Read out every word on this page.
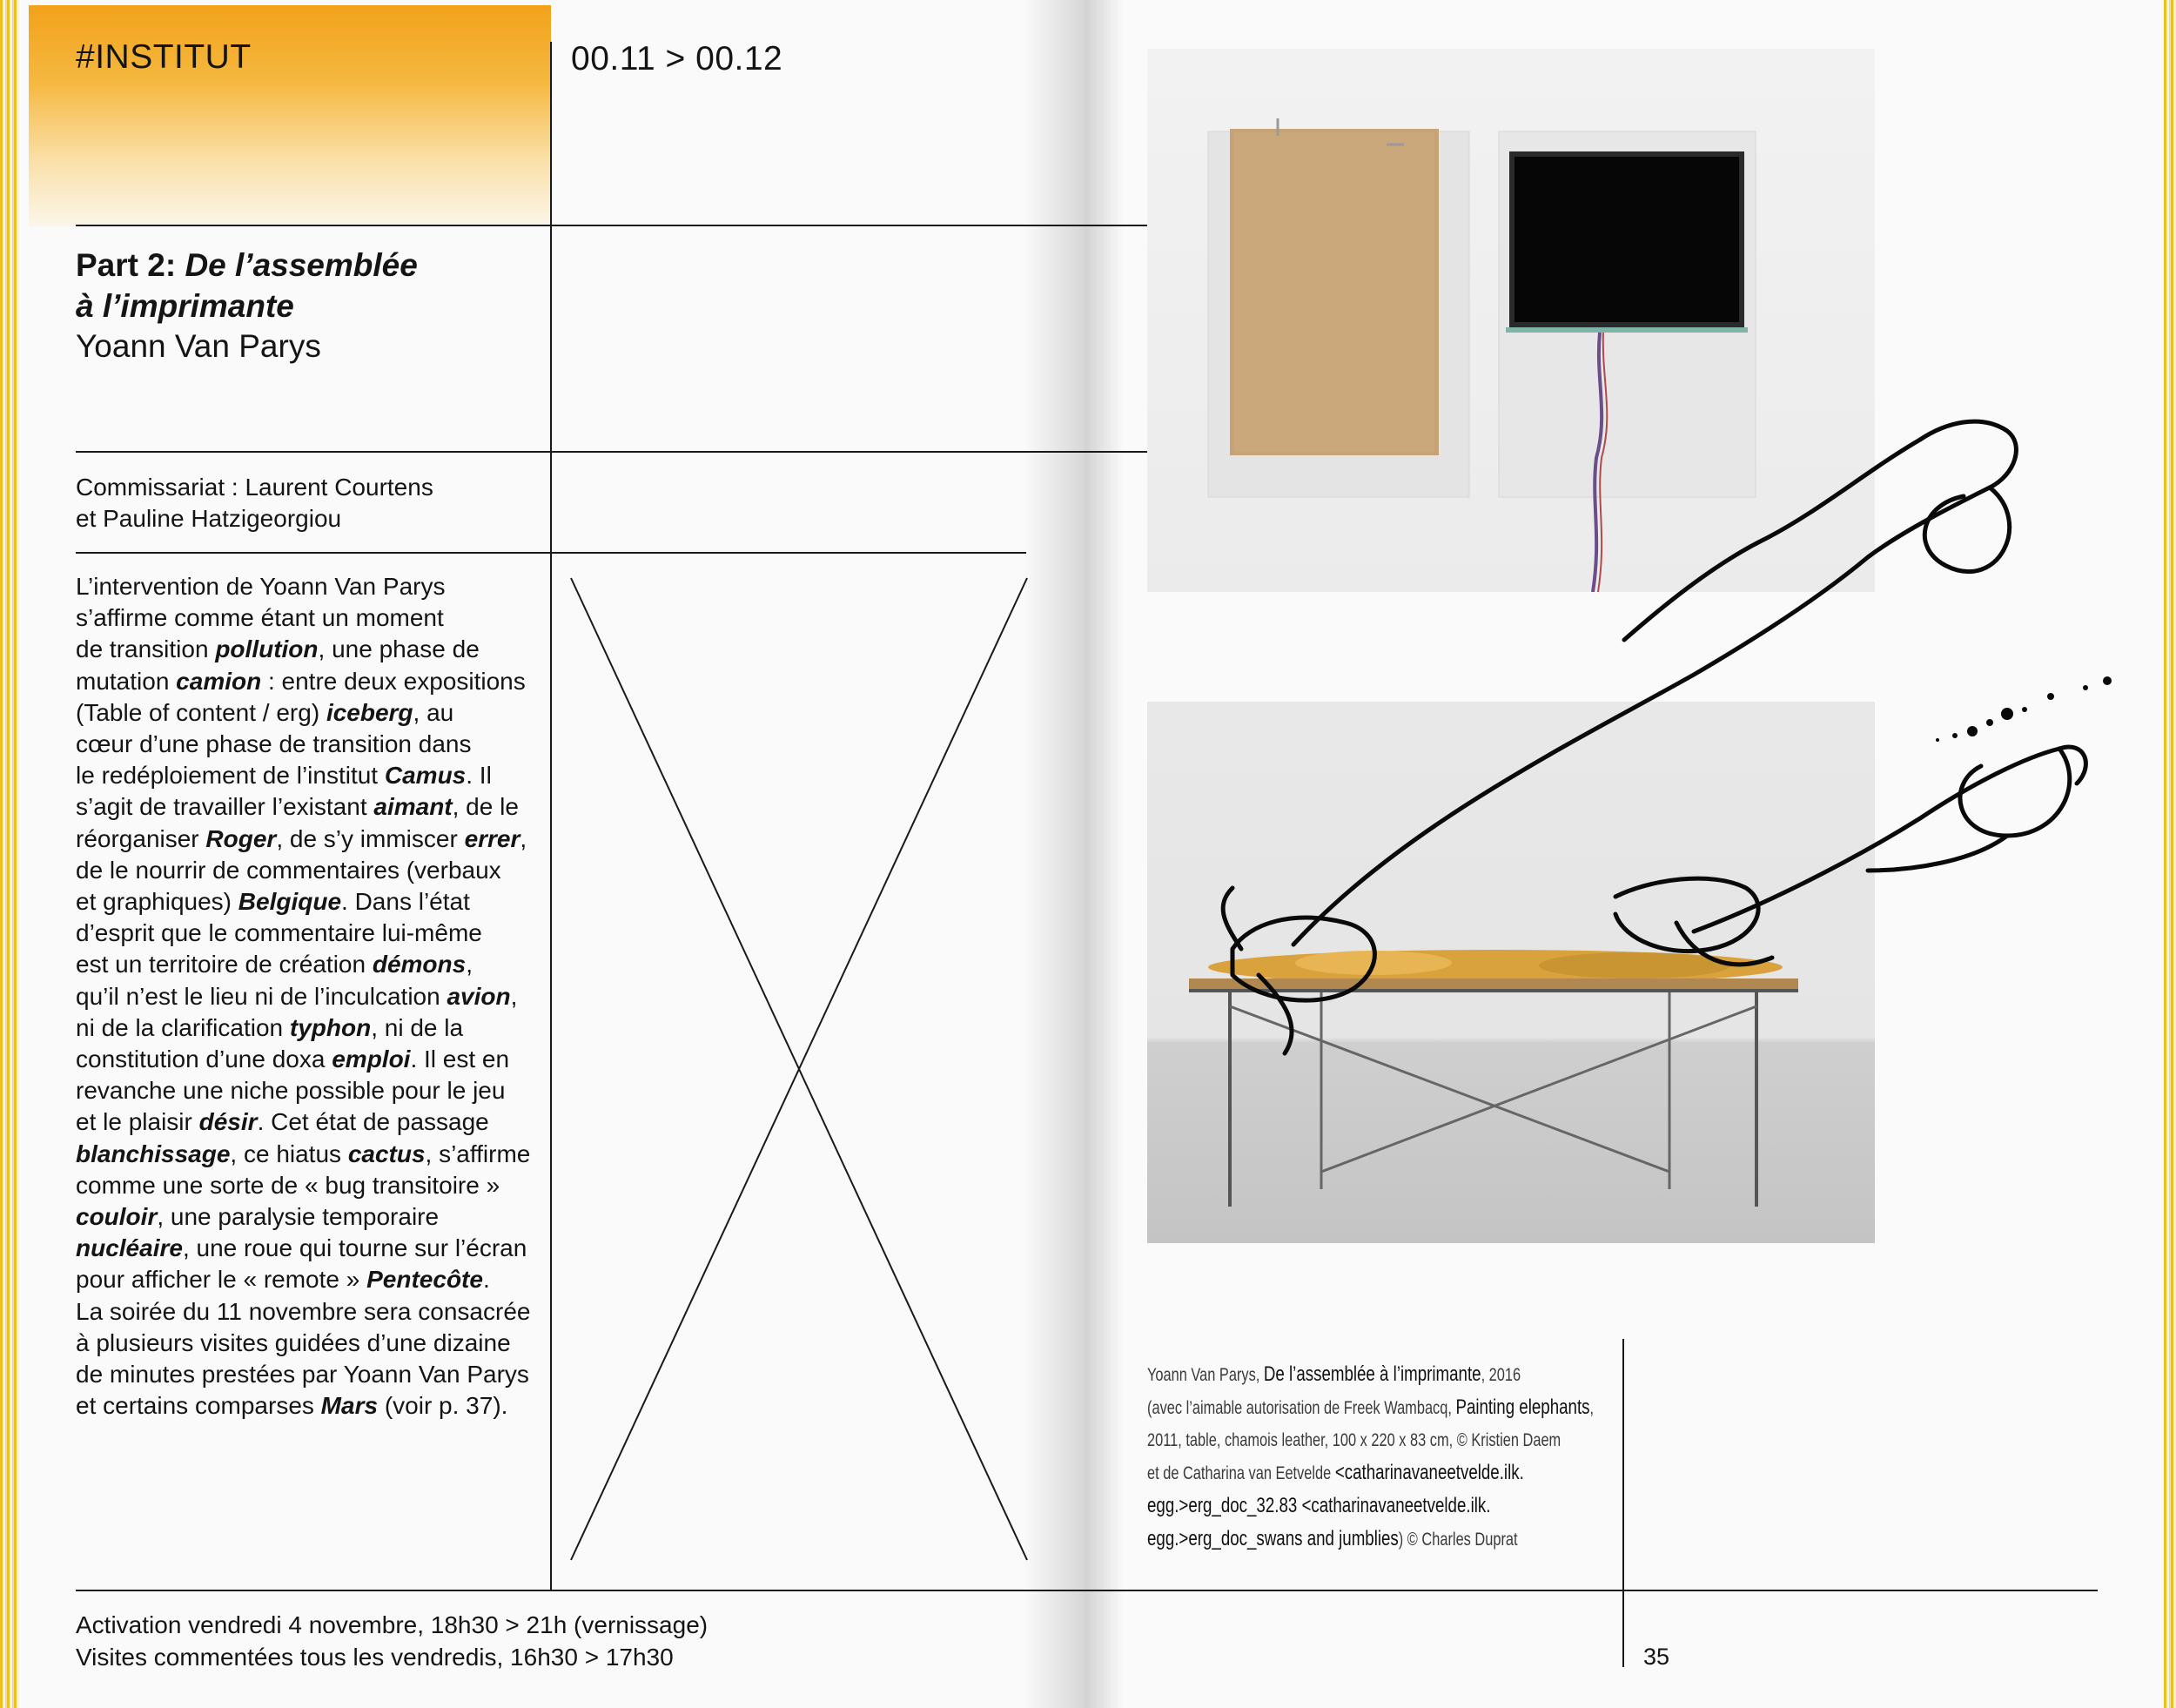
#INSTITUT	00.11 > 00.12
Part 2: De l’assemblée
à l’imprimante
Yoann Van Parys
Commissariat : Laurent Courtens
et Pauline Hatzigeorgiou
L’intervention de Yoann Van Parys
s’affirme comme étant un moment
de transition pollution, une phase de
mutation camion : entre deux expositions
(Table of content / erg) iceberg, au
cœur d’une phase de transition dans
le redéploiement de l’institut Camus. Il
s’agit de travailler l’existant aimant, de le
réorganiser Roger, de s’y immiscer errer,
de le nourrir de commentaires (verbaux
et graphiques) Belgique. Dans l’état
d’esprit que le commentaire lui-même
est un territoire de création démons,
qu’il n’est le lieu ni de l’inculcation avion,
ni de la clarification typhon, ni de la
constitution d’une doxa emploi. Il est en
revanche une niche possible pour le jeu
et le plaisir désir. Cet état de passage
blanchissage, ce hiatus cactus, s’affirme
comme une sorte de « bug transitoire »
couloir, une paralysie temporaire
nucléaire, une roue qui tourne sur l’écran
pour afficher le « remote » Pentecôte.
La soirée du 11 novembre sera consacrée
à plusieurs visites guidées d’une dizaine
de minutes prestées par Yoann Van Parys
et certains comparses Mars (voir p. 37).
Activation vendredi 4 novembre, 18h30 > 21h (vernissage)
Visites commentées tous les vendredis, 16h30 > 17h30
Yoann Van Parys, De l’assemblée à l’imprimante, 2016
(avec l’aimable autorisation de Freek Wambacq, Painting elephants,
2011, table, chamois leather, 100 x 220 x 83 cm, © Kristien Daem
et de Catharina van Eetvelde <catharinavaneetvelde.ilk.
egg.>erg_doc_32.83 <catharinavaneetvelde.ilk.
egg.>erg_doc_swans and jumblies) © Charles Duprat
35
